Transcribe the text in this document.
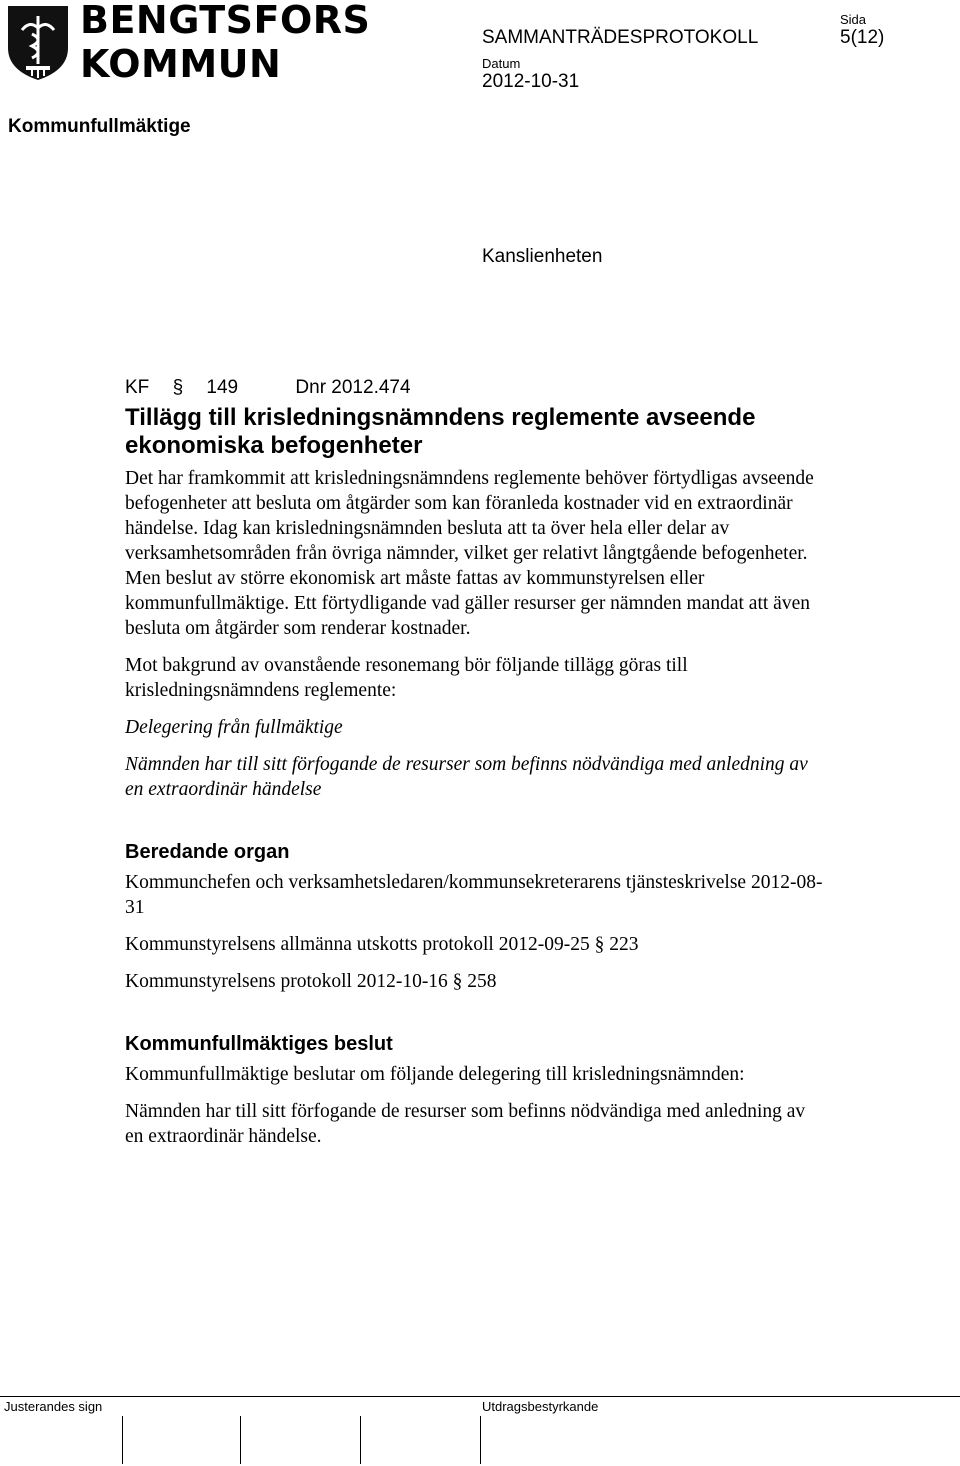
BENGTSFORS
KOMMUN
SAMMANTRÄDESPROTOKOLL
Sida
5(12)
Datum
2012-10-31
Kommunfullmäktige
Kanslienheten

KF § 149	Dnr 2012.474

Tillägg till krisledningsnämndens reglemente avseende ekonomiska befogenheter

Det har framkommit att krisledningsnämndens reglemente behöver förtydligas avseende befogenheter att besluta om åtgärder som kan föranleda kostnader vid en extraordinär händelse. Idag kan krisledningsnämnden besluta att ta över hela eller delar av verksamhetsområden från övriga nämnder, vilket ger relativt långtgående befogenheter. Men beslut av större ekonomisk art måste fattas av kommunstyrelsen eller kommunfullmäktige. Ett förtydligande vad gäller resurser ger nämnden mandat att även besluta om åtgärder som renderar kostnader.

Mot bakgrund av ovanstående resonemang bör följande tillägg göras till krisledningsnämndens reglemente:

Delegering från fullmäktige

Nämnden har till sitt förfogande de resurser som befinns nödvändiga med anledning av en extraordinär händelse

Beredande organ

Kommunchefen och verksamhetsledaren/kommunsekreterarens tjänsteskrivelse 2012-08-31

Kommunstyrelsens allmänna utskotts protokoll 2012-09-25 § 223

Kommunstyrelsens protokoll 2012-10-16 § 258

Kommunfullmäktiges beslut

Kommunfullmäktige beslutar om följande delegering till krisledningsnämnden:

Nämnden har till sitt förfogande de resurser som befinns nödvändiga med anledning av en extraordinär händelse.

Justerandes sign	Utdragsbestyrkande
